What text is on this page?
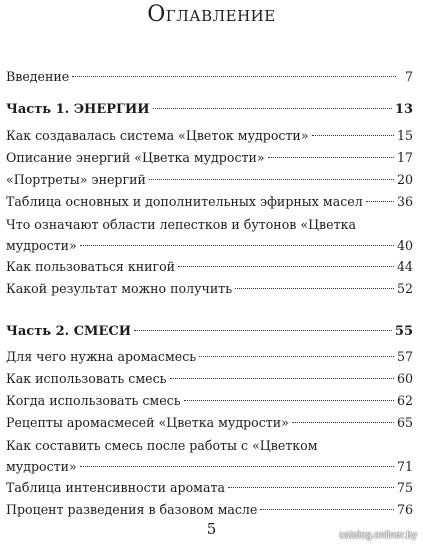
Оглавление
Введение	7
Часть 1. ЭНЕРГИИ	13
Как создавалась система «Цветок мудрости»	15
Описание энергий «Цветка мудрости»	17
«Портреты» энергий	20
Таблица основных и дополнительных эфирных масел	36
Что означают области лепестков и бутонов «Цветка
мудрости»	40
Как пользоваться книгой	44
Какой результат можно получить	52
Часть 2. СМЕСИ	55
Для чего нужна аромасмесь	57
Как использовать смесь	60
Когда использовать смесь	62
Рецепты аромасмесей «Цветка мудрости»	65
Как составить смесь после работы с «Цветком
мудрости»	71
Таблица интенсивности аромата	75
Процент разведения в базовом масле	76
5	catalog.onliner.by
